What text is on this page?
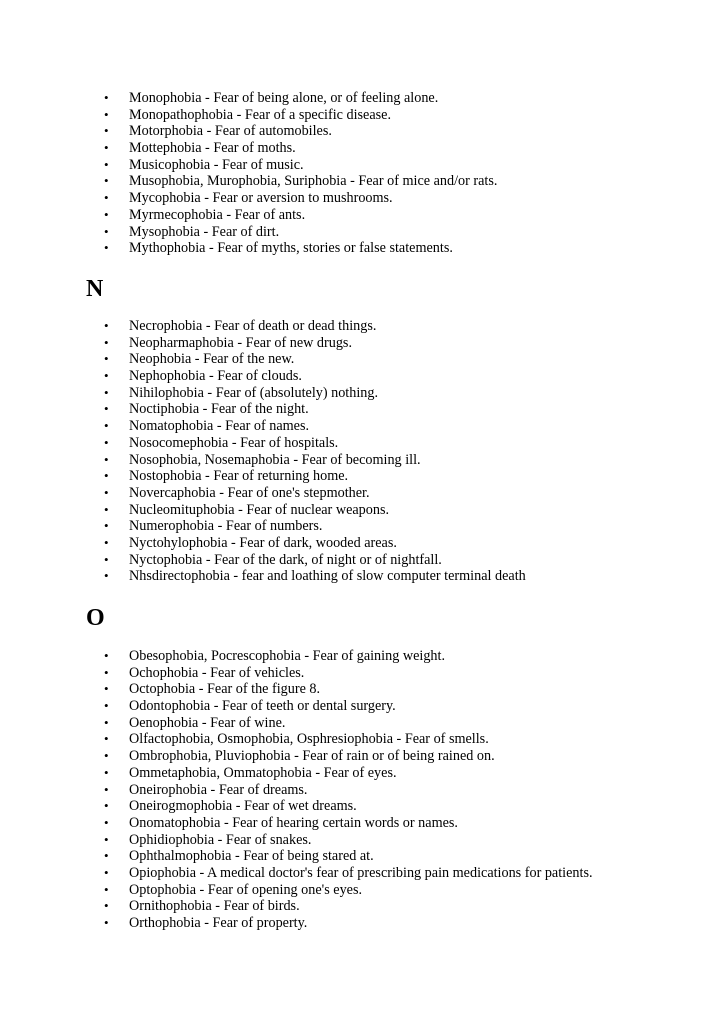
• Monophobia - Fear of being alone, or of feeling alone.
• Monopathophobia - Fear of a specific disease.
• Motorphobia - Fear of automobiles.
• Mottephobia - Fear of moths.
• Musicophobia - Fear of music.
• Musophobia, Murophobia, Suriphobia - Fear of mice and/or rats.
• Mycophobia - Fear or aversion to mushrooms.
• Myrmecophobia - Fear of ants.
• Mysophobia - Fear of dirt.
• Mythophobia - Fear of myths, stories or false statements.
N
• Necrophobia - Fear of death or dead things.
• Neopharmaphobia - Fear of new drugs.
• Neophobia - Fear of the new.
• Nephophobia - Fear of clouds.
• Nihilophobia - Fear of (absolutely) nothing.
• Noctiphobia - Fear of the night.
• Nomatophobia - Fear of names.
• Nosocomephobia - Fear of hospitals.
• Nosophobia, Nosemaphobia - Fear of becoming ill.
• Nostophobia - Fear of returning home.
• Novercaphobia - Fear of one's stepmother.
• Nucleomituphobia - Fear of nuclear weapons.
• Numerophobia - Fear of numbers.
• Nyctohylophobia - Fear of dark, wooded areas.
• Nyctophobia - Fear of the dark, of night or of nightfall.
• Nhsdirectophobia - fear and loathing of slow computer terminal death
O
• Obesophobia, Pocrescophobia - Fear of gaining weight.
• Ochophobia - Fear of vehicles.
• Octophobia - Fear of the figure 8.
• Odontophobia - Fear of teeth or dental surgery.
• Oenophobia - Fear of wine.
• Olfactophobia, Osmophobia, Osphresiophobia - Fear of smells.
• Ombrophobia, Pluviophobia - Fear of rain or of being rained on.
• Ommetaphobia, Ommatophobia - Fear of eyes.
• Oneirophobia - Fear of dreams.
• Oneirogmophobia - Fear of wet dreams.
• Onomatophobia - Fear of hearing certain words or names.
• Ophidiophobia - Fear of snakes.
• Ophthalmophobia - Fear of being stared at.
• Opiophobia - A medical doctor's fear of prescribing pain medications for patients.
• Optophobia - Fear of opening one's eyes.
• Ornithophobia - Fear of birds.
• Orthophobia - Fear of property.
